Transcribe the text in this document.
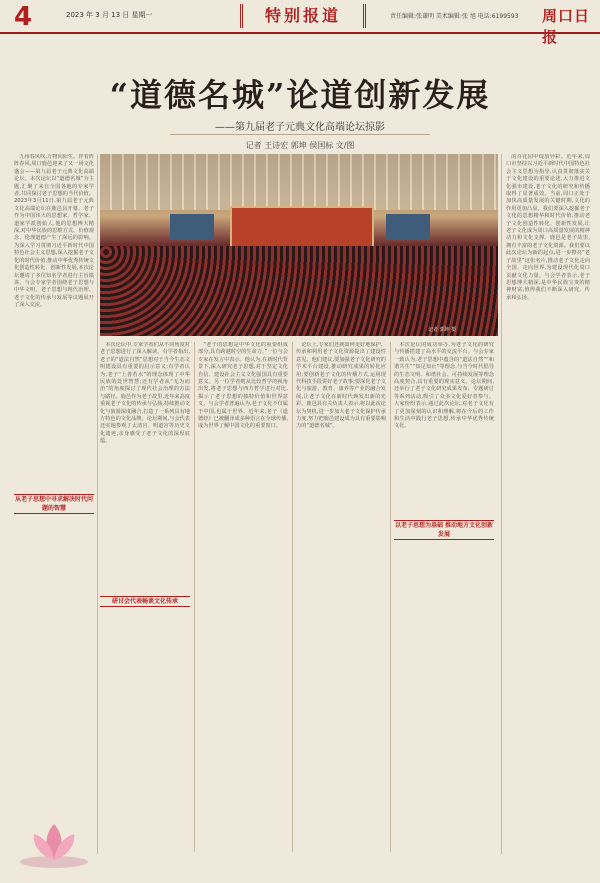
4	2023 年 3 月 13 日 星期一	特别报道	责任编辑:张谦明 美术编辑:张 旭 电话:6199593 周口日报
“道德名城”论道创新发展
——第九届老子元典文化高端论坛掠影
记者 王诗宏 郭坤 侯国标 文/图
记者 郭坤 摄

九州春风吹,万物向阳生。伴着阵阵春风,周口鹿邑迎来了又一场文化盛会——第九届老子元典文化高端论坛。本次论坛以“道德名城”为主题,汇聚了来自全国各地的专家学者,共同探讨老子思想的当代价值。2023年3月11日,第九届老子元典文化高端论坛在鹿邑县开幕。老子作为中国伟大的思想家、哲学家、道家学派创始人,他的思想博大精深,对中华民族的思维方式、价值观念、伦理道德产生了深远的影响。为深入学习贯彻习近平新时代中国特色社会主义思想,深入挖掘老子文化的时代价值,推动中华优秀传统文化创造性转化、创新性发展,本次论坛邀请了多位知名学者进行主旨演讲。与会专家学者围绕老子思想与中华文明、老子思想与现代治理、老子文化的传承与发展等议题展开了深入交流。

从老子思想中寻求解决时代问题的智慧

本次论坛中,专家学者们从不同角度对老子思想进行了深入解读。有学者指出,老子的“道法自然”思想对于当今生态文明建设具有重要的启示意义;有学者认为,老子“上善若水”的理念体现了中华民族的处世智慧;还有学者从“无为而治”的角度探讨了现代社会治理的方法与路径。鹿邑作为老子故里,近年来高度重视老子文化的传承与弘扬,持续推动文化与旅游深度融合,打造了一系列具有地方特色的文化品牌。论坛期间,与会代表还实地参观了太清宫、明道宫等历史文化遗迹,亲身感受了老子文化的深厚底蕴。

研讨会代表畅谈文化传承

“老子的思想是中华文化的重要组成部分,具有跨越时空的生命力。”一位与会专家在发言中表示。他认为,在新时代背景下,深入研究老子思想,对于坚定文化自信、建设社会主义文化强国具有重要意义。另一位学者则从比较哲学的视角出发,将老子思想与西方哲学进行对比,揭示了老子思想的独特价值和世界意义。与会学者普遍认为,老子文化不仅属于中国,也属于世界。近年来,老子《道德经》已被翻译成多种语言在全球传播,成为世界了解中国文化的重要窗口。

论坛上,专家们还就如何更好地保护、传承和利用老子文化资源提出了建设性意见。他们建议,要加强老子文化研究的学术平台建设,推动研究成果的转化应用;要创新老子文化的传播方式,运用现代科技手段讲好老子故事;要深化老子文化与旅游、教育、康养等产业的融合发展,让老子文化在新时代焕发出新的光彩。鹿邑县有关负责人表示,将以此次论坛为契机,进一步加大老子文化保护传承力度,努力把鹿邑建设成为具有重要影响力的“道德名城”。

本次论坛的成功举办,为老子文化的研究与传播搭建了高水平的交流平台。与会专家一致认为,老子思想中蕴含的“道法自然”“和谐共生”“知足知止”等理念,与当今时代倡导的生态文明、和谐社会、可持续发展等理念高度契合,具有重要的现实意义。论坛期间,还举行了老子文化研究成果发布、专题研讨等系列活动,吸引了众多文化爱好者参与。大家纷纷表示,通过此次论坛,对老子文化有了更加深刻的认识和理解,将在今后的工作和生活中践行老子思想,传承中华优秀传统文化。

以老子思想为基础 推动地方文化创新发展

的百花园中绽放异彩。近年来,周口市坚持以习近平新时代中国特色社会主义思想为指导,认真贯彻落实关于文化建设的重要论述,大力推进文化强市建设,老子文化的研究和传播取得了显著成效。当前,周口正处于加快高质量发展的关键时期,文化的作用更加凸显。我们要深入挖掘老子文化的思想精华和时代价值,推动老子文化创造性转化、创新性发展,让老子文化成为周口高质量发展的精神动力和文化支撑。鹿邑是老子故里,拥有丰富的老子文化资源。我们要以此次论坛为新的起点,进一步擦亮“老子故里”这张名片,推动老子文化走向全国、走向世界,为建设现代化周口贡献文化力量。与会学者表示,老子思想博大精深,是中华民族宝贵的精神财富,值得我们不断深入研究、传承和弘扬。
